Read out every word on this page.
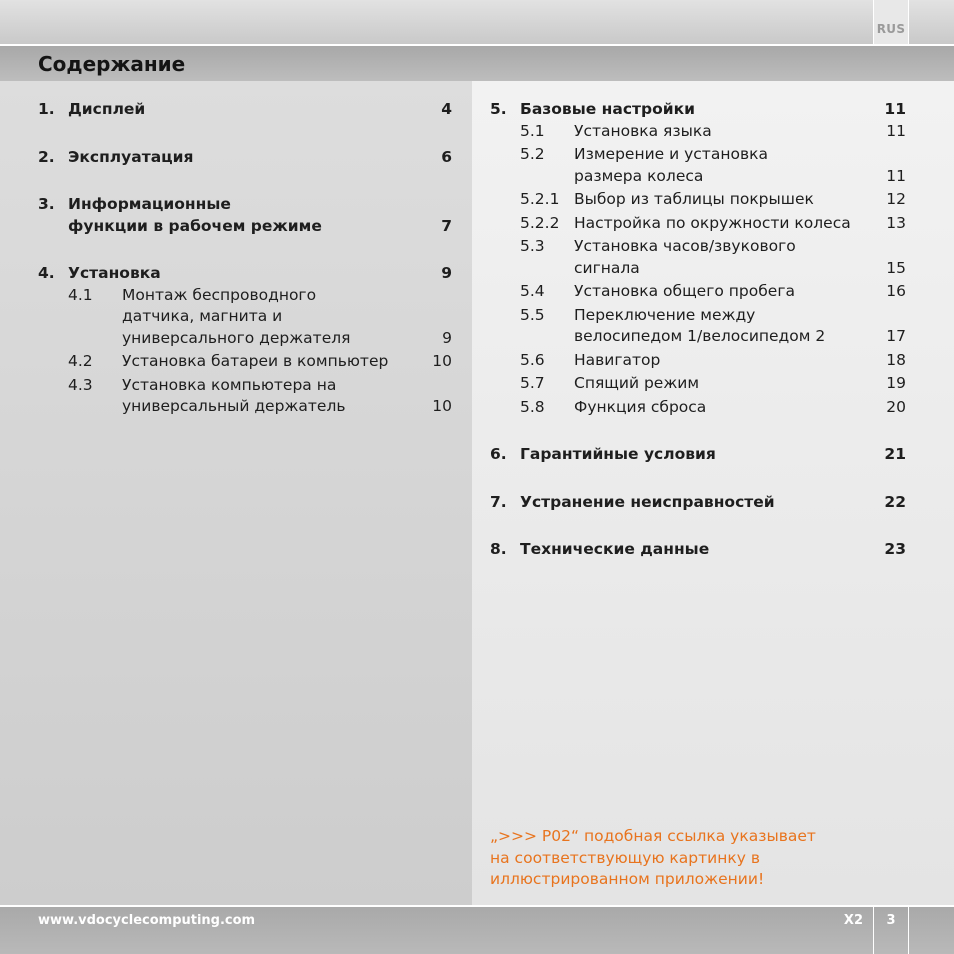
RUS
Содержание
1. Дисплей	4
2. Эксплуатация	6
3. Информационные
функции в рабочем режиме	7
4. Установка	9
4.1 Монтаж беспроводного
датчика, магнита и
универсального держателя	9
4.2 Установка батареи в компьютер	10
4.3 Установка компьютера на
универсальный держатель	10
5. Базовые настройки	11
5.1 Установка языка	11
5.2 Измерение и установка
размера колеса	11
5.2.1 Выбор из таблицы покрышек	12
5.2.2 Настройка по окружности колеса	13
5.3 Установка часов/звукового сигнала	15
5.4 Установка общего пробега	16
5.5 Переключение между
велосипедом 1/велосипедом 2	17
5.6 Навигатор	18
5.7 Спящий режим	19
5.8 Функция сброса	20
6. Гарантийные условия	21
7. Устранение неисправностей	22
8. Технические данные	23
„>>> P02“ подобная ссылка указывает
на соответствующую картинку в
иллюстрированном приложении!
www.vdocyclecomputing.com	X2	3
